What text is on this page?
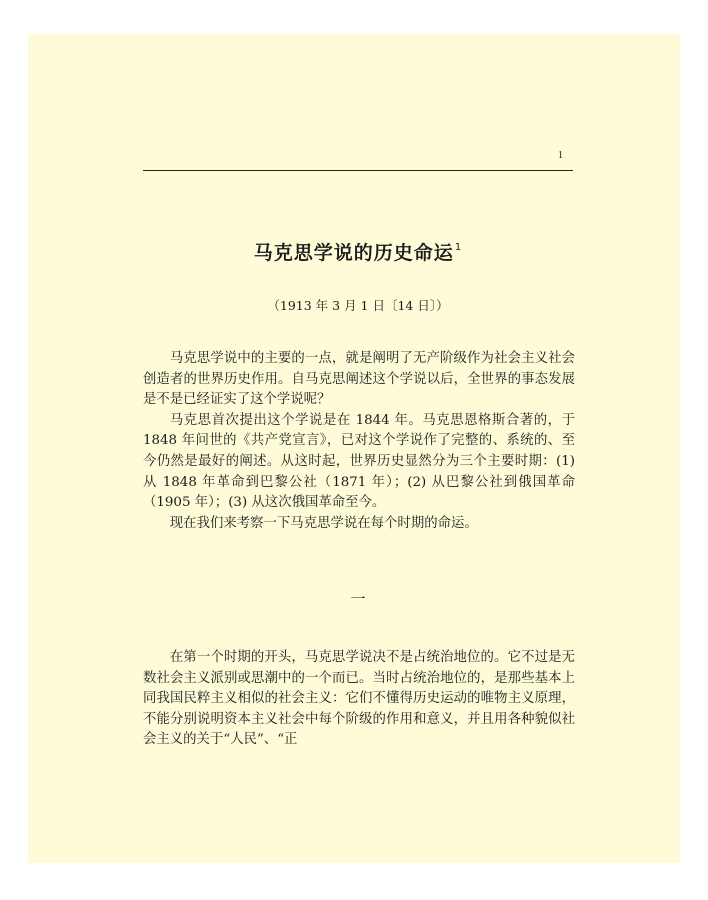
1
马克思学说的历史命运$^1$
（1913 年 3 月 1 日〔14 日〕）

马克思学说中的主要的一点，就是阐明了无产阶级作为社会主义社会创造者的世界历史作用。自马克思阐述这个学说以后，全世界的事态发展是不是已经证实了这个学说呢？

马克思首次提出这个学说是在 1844 年。马克思恩格斯合著的，于 1848 年问世的《共产党宣言》，已对这个学说作了完整的、系统的、至今仍然是最好的阐述。从这时起，世界历史显然分为三个主要时期：(1) 从 1848 年革命到巴黎公社（1871 年）；(2) 从巴黎公社到俄国革命（1905 年）；(3) 从这次俄国革命至今。

现在我们来考察一下马克思学说在每个时期的命运。

一

在第一个时期的开头，马克思学说决不是占统治地位的。它不过是无数社会主义派别或思潮中的一个而已。当时占统治地位的，是那些基本上同我国民粹主义相似的社会主义：它们不懂得历史运动的唯物主义原理，不能分别说明资本主义社会中每个阶级的作用和意义，并且用各种貌似社会主义的关于“人民”、“正
